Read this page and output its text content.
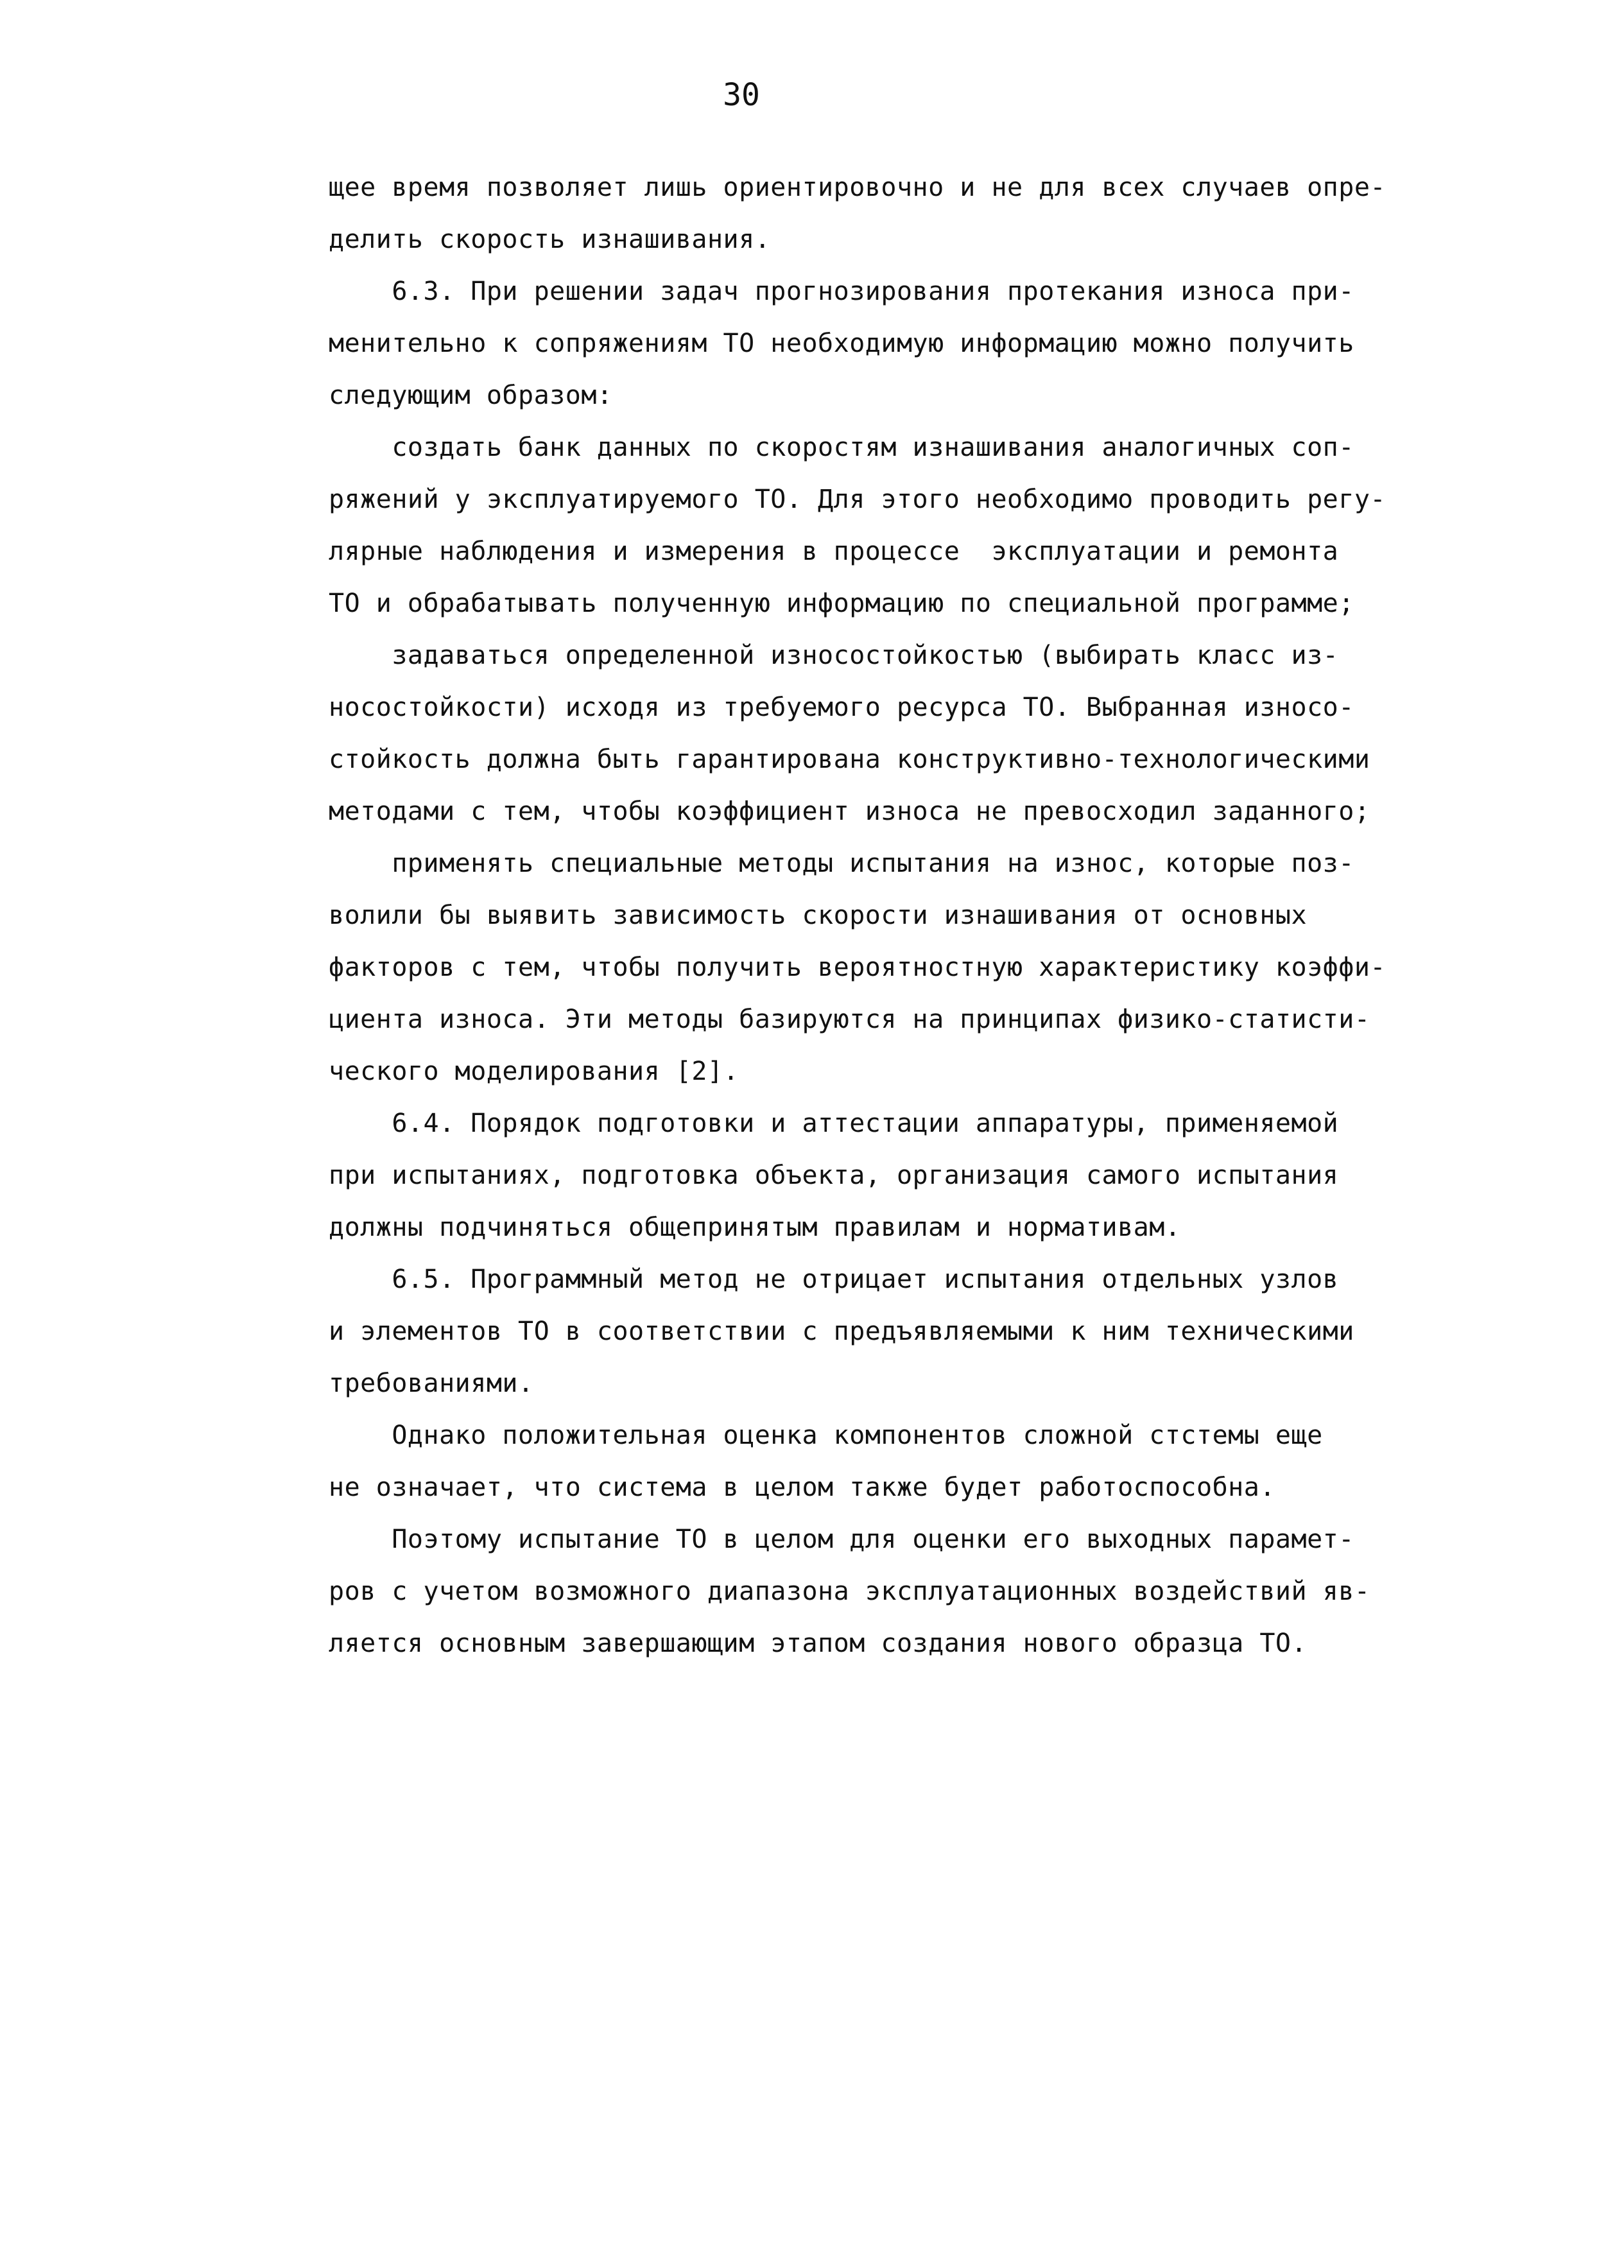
30
щее время позволяет лишь ориентировочно и не для всех случаев опре-
делить скорость изнашивания.
6.3. При решении задач прогнозирования протекания износа при-
менительно к сопряжениям ТО необходимую информацию можно получить
следующим образом:
создать банк данных по скоростям изнашивания аналогичных соп-
ряжений у эксплуатируемого ТО. Для этого необходимо проводить регу-
лярные наблюдения и измерения в процессе  эксплуатации и ремонта
ТО и обрабатывать полученную информацию по специальной программе;
задаваться определенной износостойкостью (выбирать класс из-
носостойкости) исходя из требуемого ресурса ТО. Выбранная износо-
стойкость должна быть гарантирована конструктивно-технологическими
методами с тем, чтобы коэффициент износа не превосходил заданного;
применять специальные методы испытания на износ, которые поз-
волили бы выявить зависимость скорости изнашивания от основных
факторов с тем, чтобы получить вероятностную характеристику коэффи-
циента износа. Эти методы базируются на принципах физико-статисти-
ческого моделирования [2].
6.4. Порядок подготовки и аттестации аппаратуры, применяемой
при испытаниях, подготовка объекта, организация самого испытания
должны подчиняться общепринятым правилам и нормативам.
6.5. Программный метод не отрицает испытания отдельных узлов
и элементов ТО в соответствии с предъявляемыми к ним техническими
требованиями.
Однако положительная оценка компонентов сложной стстемы еще
не означает, что система в целом также будет работоспособна.
Поэтому испытание ТО в целом для оценки его выходных парамет-
ров с учетом возможного диапазона эксплуатационных воздействий яв-
ляется основным завершающим этапом создания нового образца ТО.
